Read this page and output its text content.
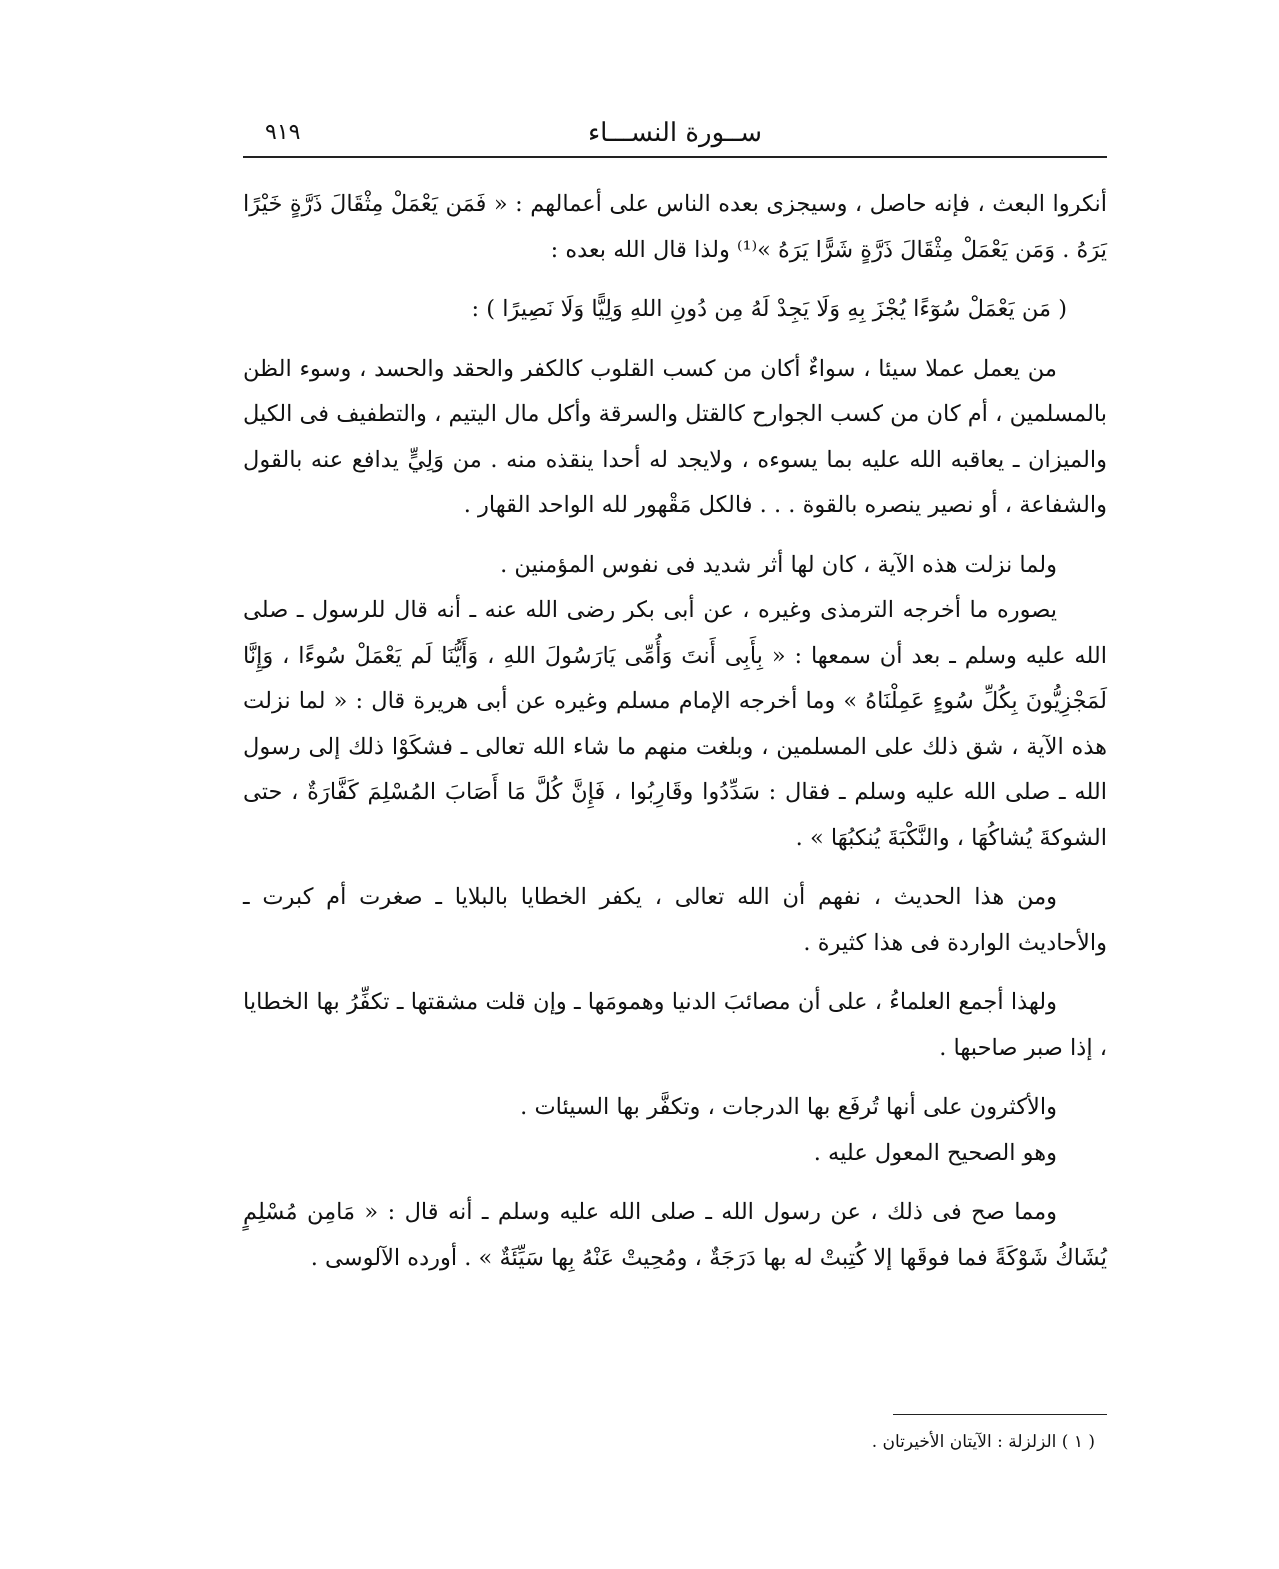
ســورة النســـاء
٩١٩

أنكروا البعث ، فإنه حاصل ، وسيجزى بعده الناس على أعمالهم : « فَمَن يَعْمَلْ مِثْقَالَ ذَرَّةٍ خَيْرًا يَرَهُ . وَمَن يَعْمَلْ مِثْقَالَ ذَرَّةٍ شَرًّا يَرَهُ »⁽¹⁾ ولذا قال الله بعده :

( مَن يَعْمَلْ سُوٓءًا يُجْزَ بِهِ وَلَا يَجِدْ لَهُ مِن دُونِ اللهِ وَلِيًّا وَلَا نَصِيرًا ) :

من يعمل عملا سيئا ، سواءٌ أكان من كسب القلوب كالكفر والحقد والحسد ، وسوء الظن بالمسلمين ، أم كان من كسب الجوارح كالقتل والسرقة وأكل مال اليتيم ، والتطفيف فى الكيل والميزان ـ يعاقبه الله عليه بما يسوءه ، ولايجد له أحدا ينقذه منه . من وَلِيٍّ يدافع عنه بالقول والشفاعة ، أو نصير ينصره بالقوة . . . فالكل مَقْهور لله الواحد القهار .

ولما نزلت هذه الآية ، كان لها أثر شديد فى نفوس المؤمنين .

يصوره ما أخرجه الترمذى وغيره ، عن أبى بكر رضى الله عنه ـ أنه قال للرسول ـ صلى الله عليه وسلم ـ بعد أن سمعها : « بِأَبِى أَنتَ وَأُمِّى يَارَسُولَ اللهِ ، وَأَيُّنَا لَم يَعْمَلْ سُوءًا ، وَإِنَّا لَمَجْزِيُّونَ بِكُلِّ سُوءٍ عَمِلْنَاهُ » وما أخرجه الإمام مسلم وغيره عن أبى هريرة قال : « لما نزلت هذه الآية ، شق ذلك على المسلمين ، وبلغت منهم ما شاء الله تعالى ـ فشكَوْا ذلك إلى رسول الله ـ صلى الله عليه وسلم ـ فقال : سَدِّدُوا وقَارِبُوا ، فَإِنَّ كُلَّ مَا أَصَابَ المُسْلِمَ كَفَّارَةٌ ، حتى الشوكةَ يُشاكُهَا ، والنَّكْبَةَ يُنكبُهَا » .

ومن هذا الحديث ، نفهم أن الله تعالى ، يكفر الخطايا بالبلايا ـ صغرت أم كبرت ـ والأحاديث الواردة فى هذا كثيرة .

ولهذا أجمع العلماءُ ، على أن مصائبَ الدنيا وهمومَها ـ وإن قلت مشقتها ـ تكفِّرُ بها الخطايا ، إذا صبر صاحبها .

والأكثرون على أنها تُرفَع بها الدرجات ، وتكفَّر بها السيئات .

وهو الصحيح المعول عليه .

ومما صح فى ذلك ، عن رسول الله ـ صلى الله عليه وسلم ـ أنه قال : « مَامِن مُسْلِمٍ يُشَاكُ شَوْكَةً فما فوقَها إلا كُتِبتْ له بها دَرَجَةٌ ، ومُحِيتْ عَنْهُ بِها سَيِّئَةٌ » . أورده الآلوسى .

( ١ ) الزلزلة : الآيتان الأخيرتان .
